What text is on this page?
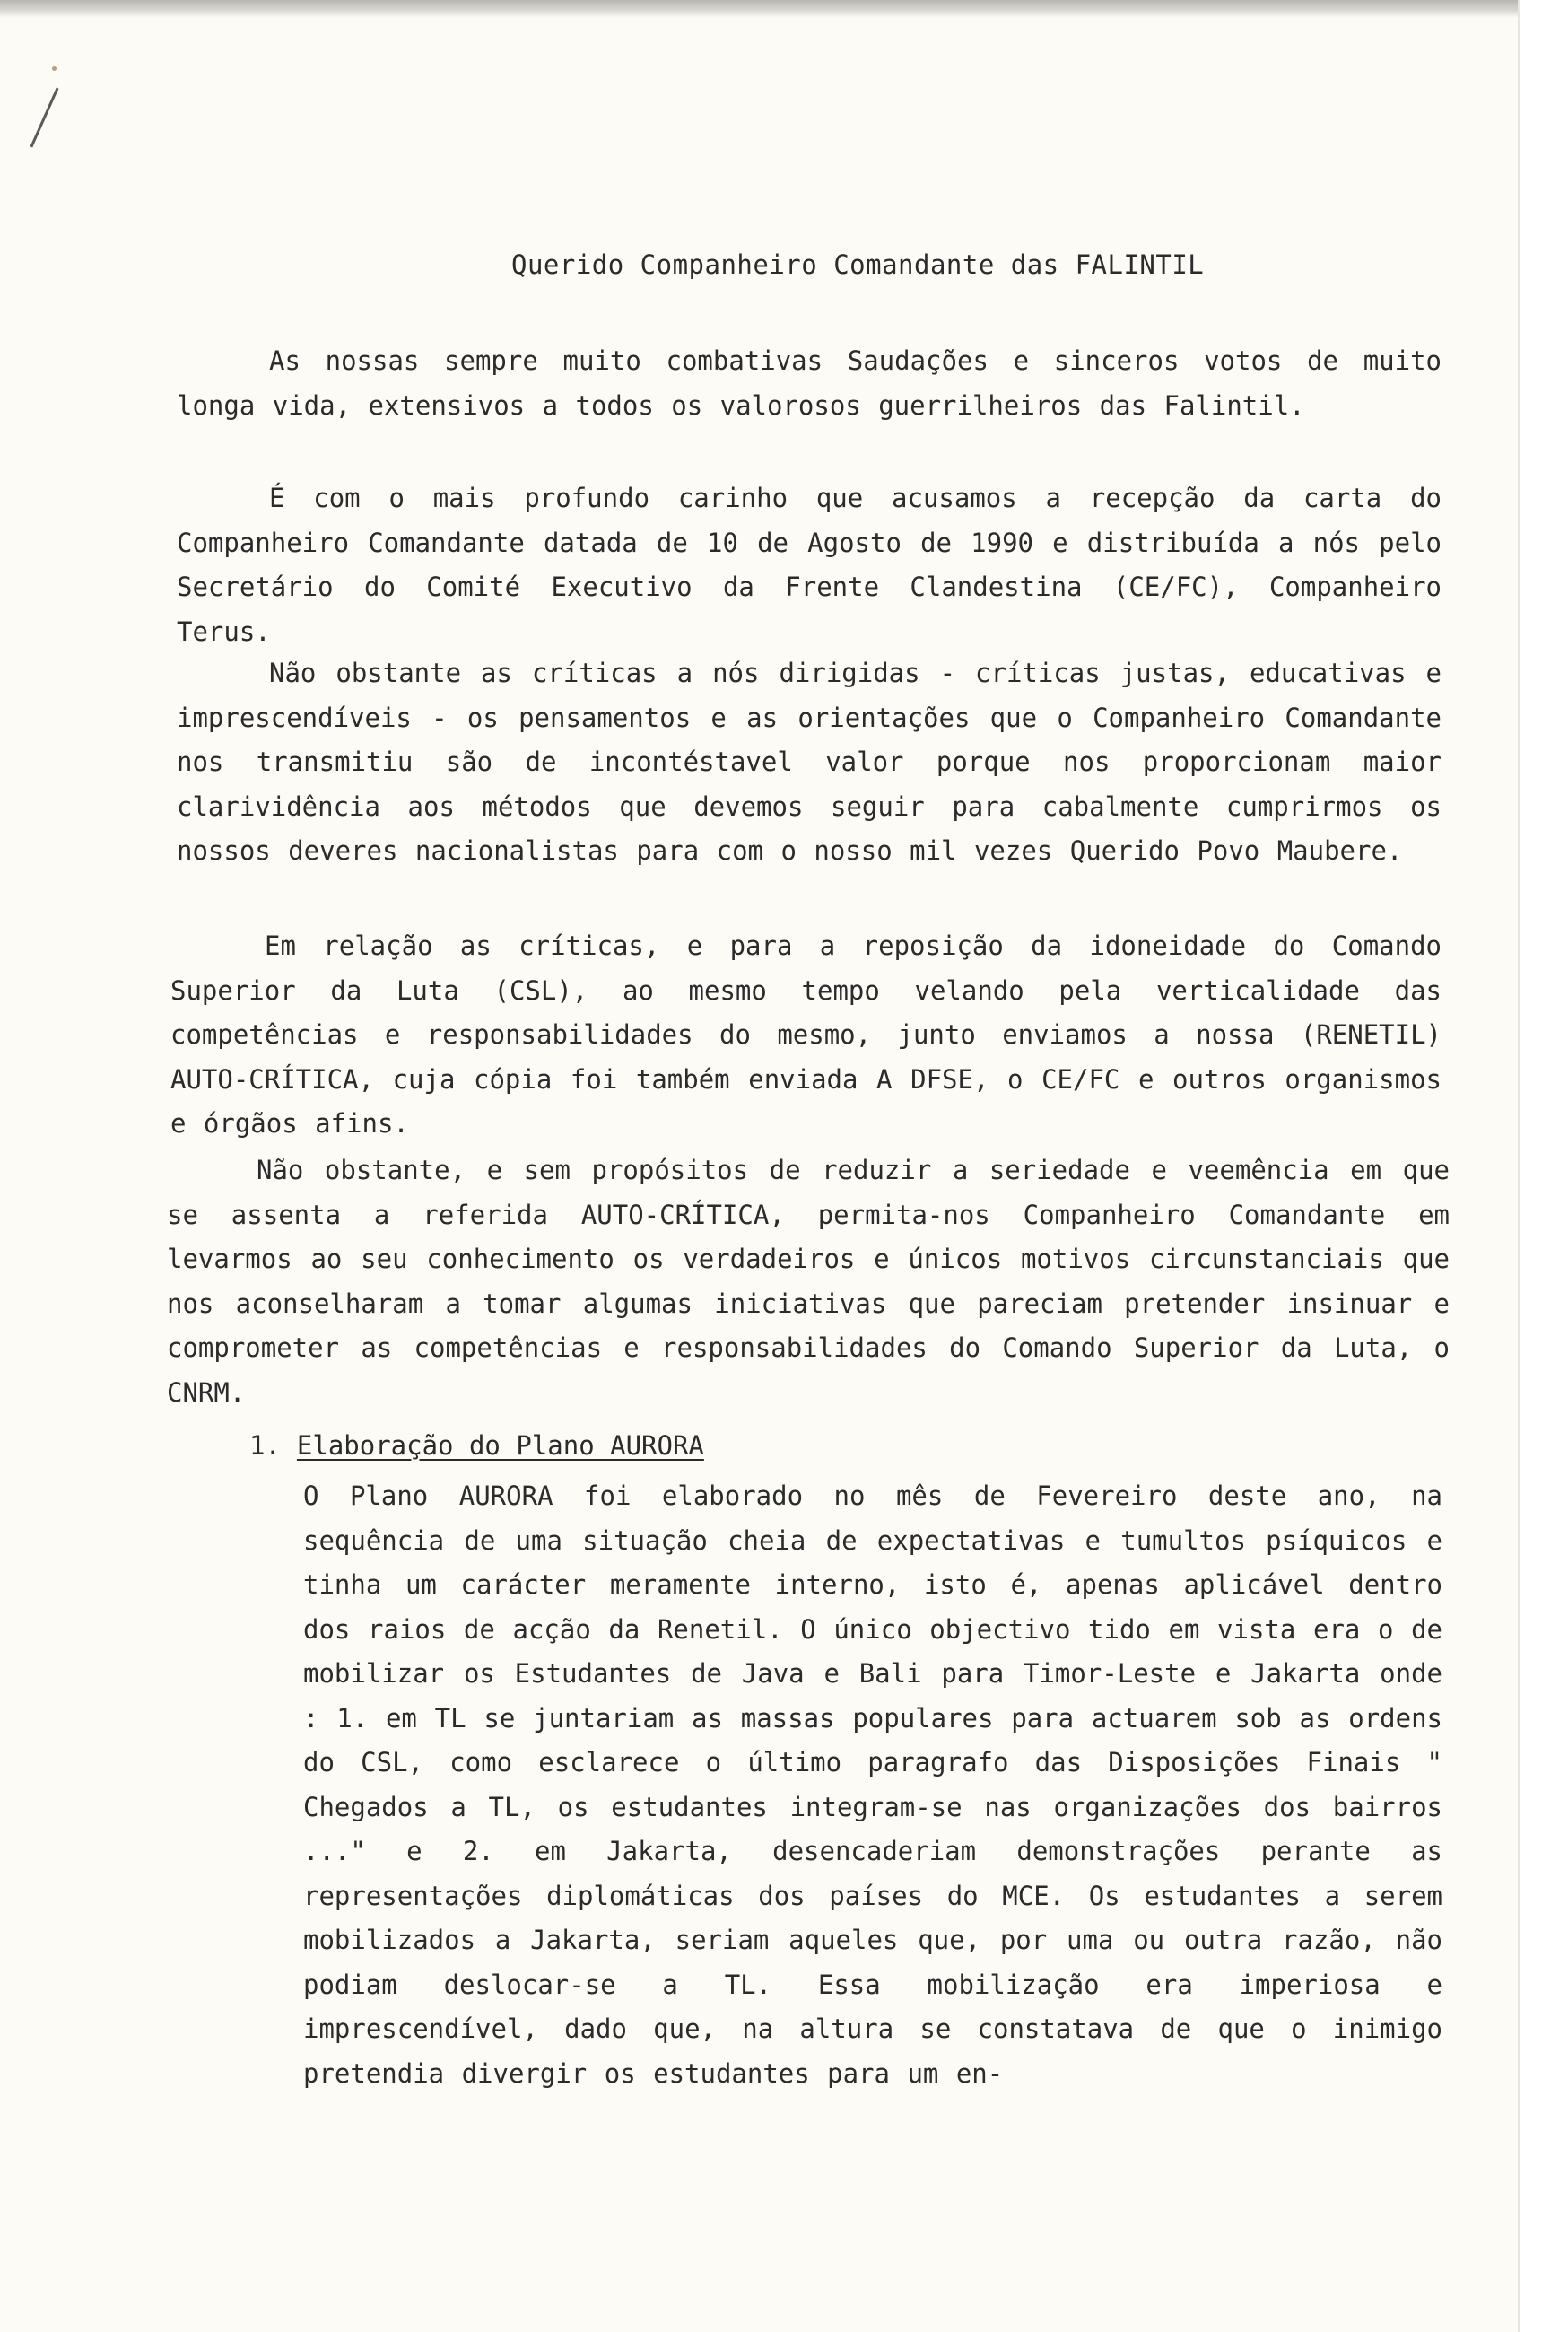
Querido Companheiro Comandante das FALINTIL

As nossas sempre muito combativas Saudações e sinceros votos de muito longa vida, extensivos a todos os valorosos guerrilheiros das Falintil.

É com o mais profundo carinho que acusamos a recepção da carta do Companheiro Comandante datada de 10 de Agosto de 1990 e distribuída a nós pelo Secretário do Comité Executivo da Frente Clandestina (CE/FC), Companheiro Terus.

Não obstante as críticas a nós dirigidas - críticas justas, educativas e imprescendíveis - os pensamentos e as orientações que o Companheiro Comandante nos transmitiu são de incontéstavel valor porque nos proporcionam maior clarividência aos métodos que devemos seguir para cabalmente cumprirmos os nossos deveres nacionalistas para com o nosso mil vezes Querido Povo Maubere.

Em relação as críticas, e para a reposição da idoneidade do Comando Superior da Luta (CSL), ao mesmo tempo velando pela verticalidade das competências e responsabilidades do mesmo, junto enviamos a nossa (RENETIL) AUTO-CRÍTICA, cuja cópia foi também enviada A DFSE, o CE/FC e outros organismos e órgãos afins.

Não obstante, e sem propósitos de reduzir a seriedade e veemência em que se assenta a referida AUTO-CRÍTICA, permita-nos Companheiro Comandante em levarmos ao seu conhecimento os verdadeiros e únicos motivos circunstanciais que nos aconselharam a tomar algumas iniciativas que pareciam pretender insinuar e comprometer as competências e responsabilidades do Comando Superior da Luta, o CNRM.

1. Elaboração do Plano AURORA

O Plano AURORA foi elaborado no mês de Fevereiro deste ano, na sequência de uma situação cheia de expectativas e tumultos psíquicos e tinha um carácter meramente interno, isto é, apenas aplicável dentro dos raios de acção da Renetil. O único objectivo tido em vista era o de mobilizar os Estudantes de Java e Bali para Timor-Leste e Jakarta onde : 1. em TL se juntariam as massas populares para actuarem sob as ordens do CSL, como esclarece o último paragrafo das Disposições Finais " Chegados a TL, os estudantes integram-se nas organizações dos bairros ..." e 2. em Jakarta, desencaderiam demonstrações perante as representações diplomáticas dos países do MCE. Os estudantes a serem mobilizados a Jakarta, seriam aqueles que, por uma ou outra razão, não podiam deslocar-se a TL. Essa mobilização era imperiosa e imprescendível, dado que, na altura se constatava de que o inimigo pretendia divergir os estudantes para um en-
